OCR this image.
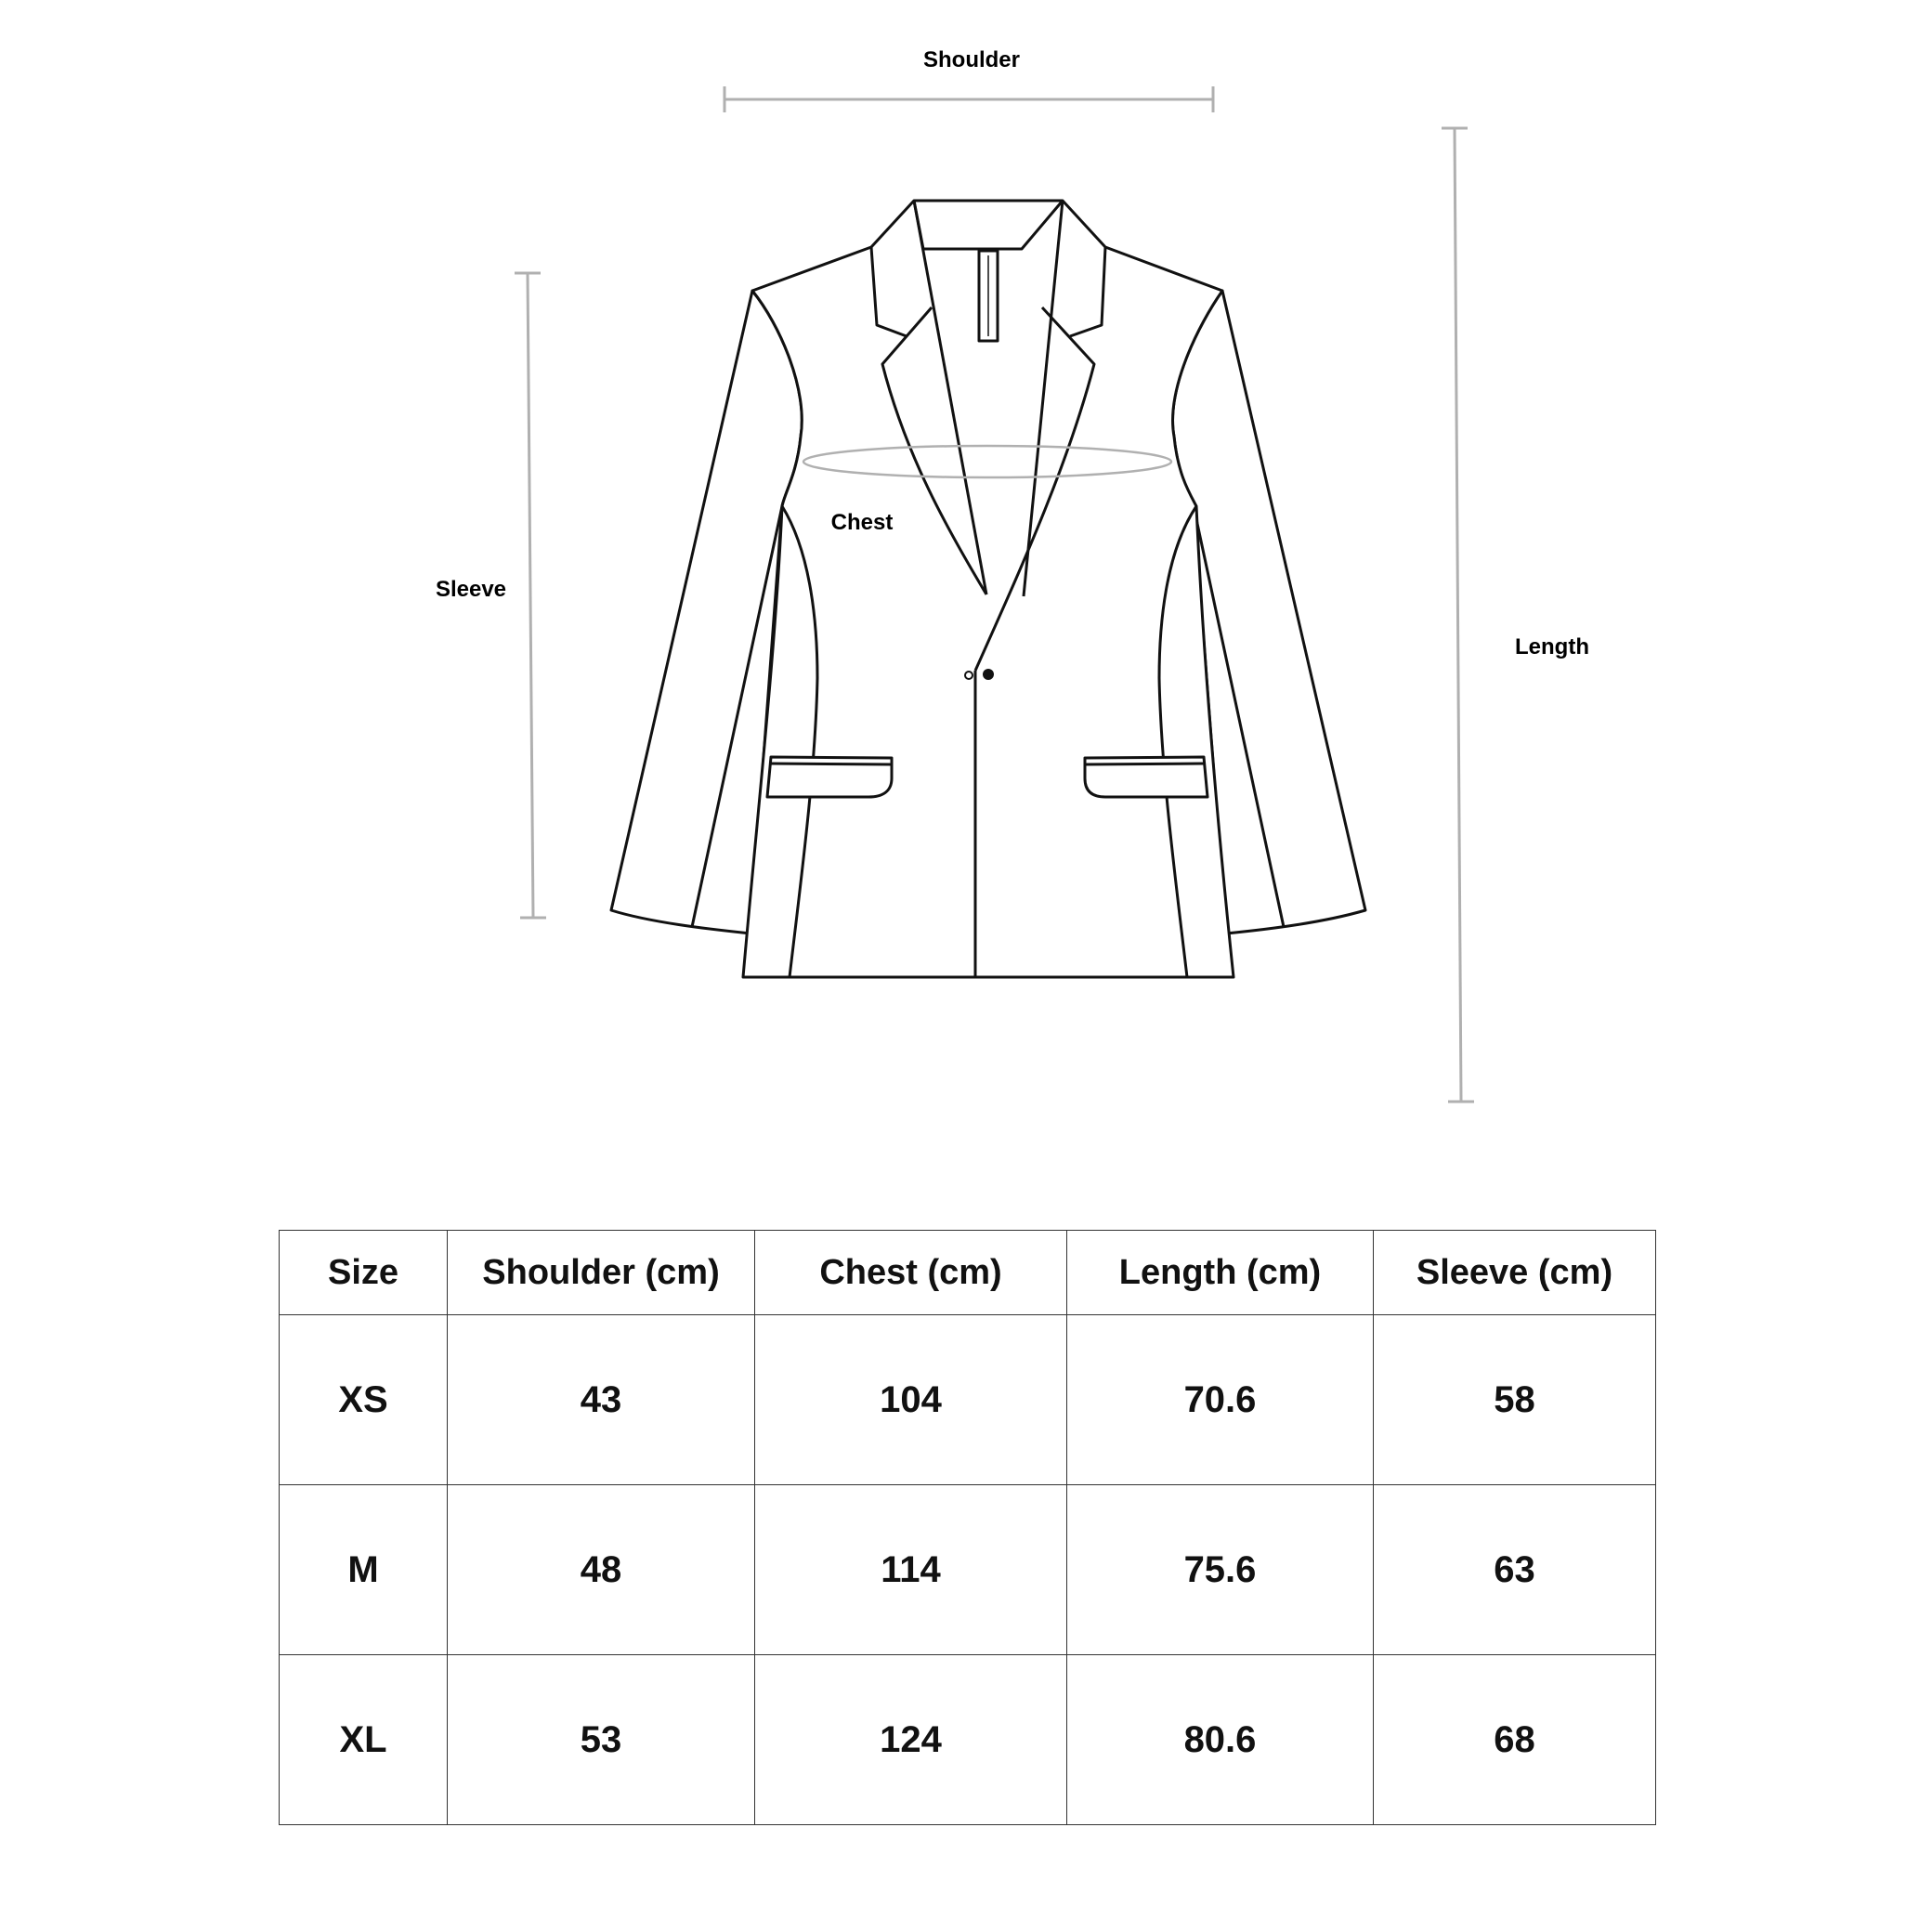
Shoulder
Chest
Sleeve
Length
Size	Shoulder (cm)	Chest (cm)	Length (cm)	Sleeve (cm)
XS	43	104	70.6	58
M	48	114	75.6	63
XL	53	124	80.6	68
